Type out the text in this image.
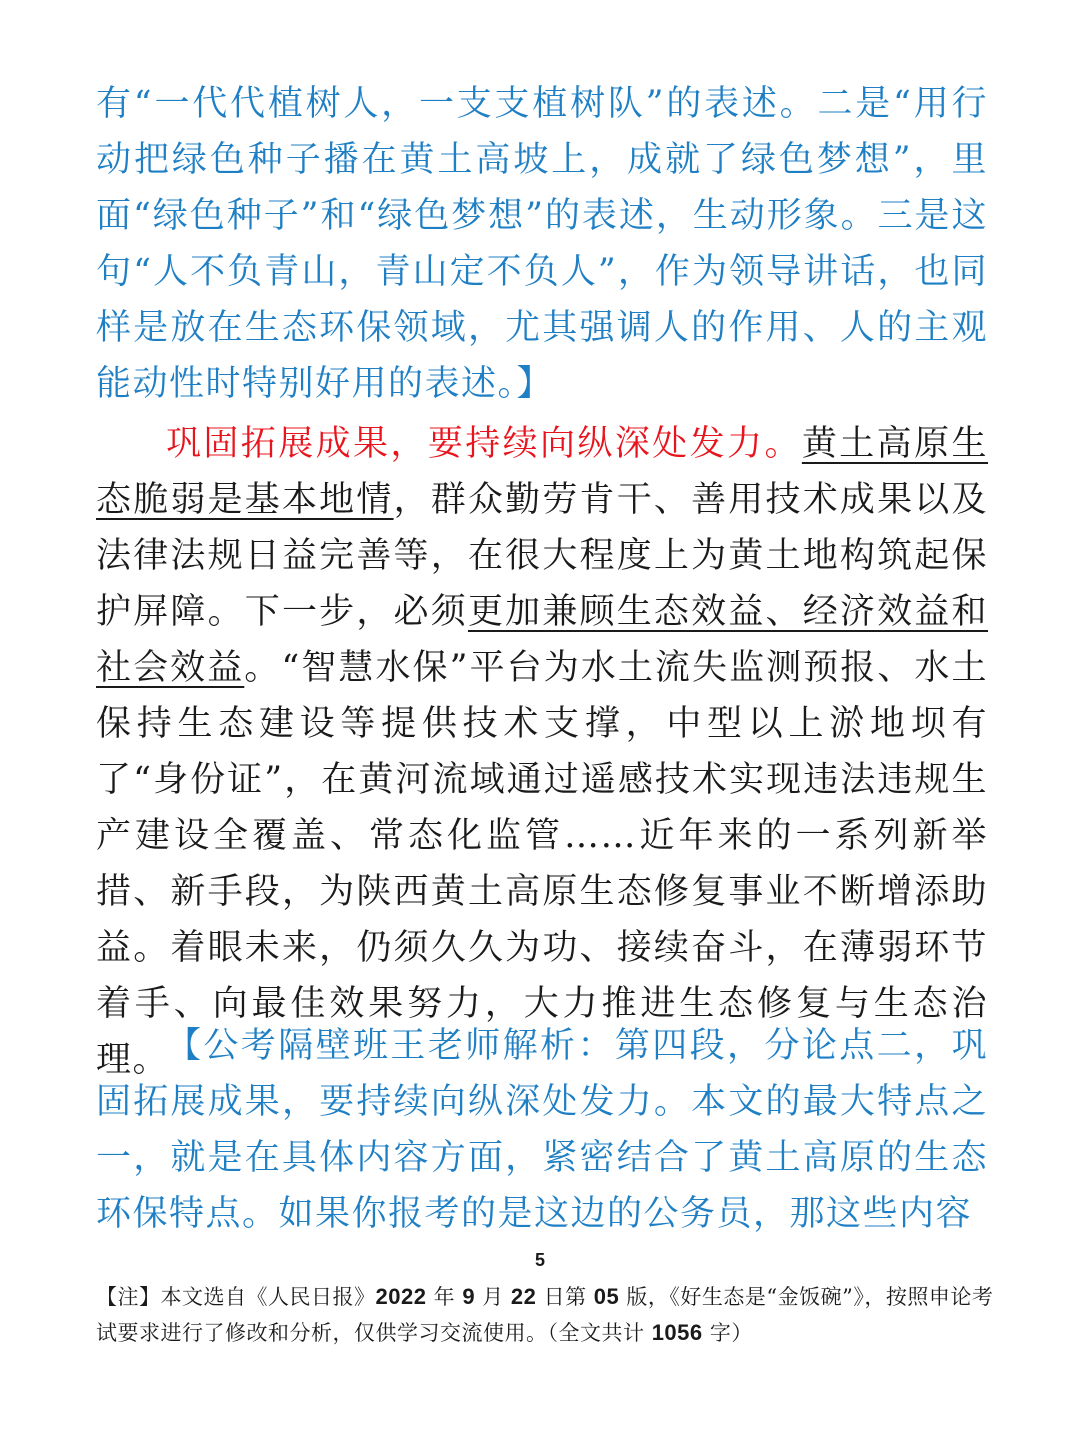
有“一代代植树人，一支支植树队”的表述。二是“用行动把绿色种子播在黄土高坡上，成就了绿色梦想”，里面“绿色种子”和“绿色梦想”的表述，生动形象。三是这句“人不负青山，青山定不负人”，作为领导讲话，也同样是放在生态环保领域，尤其强调人的作用、人的主观能动性时特别好用的表述。】

巩固拓展成果，要持续向纵深处发力。黄土高原生态脆弱是基本地情，群众勤劳肯干、善用技术成果以及法律法规日益完善等，在很大程度上为黄土地构筑起保护屏障。下一步，必须更加兼顾生态效益、经济效益和社会效益。“智慧水保”平台为水土流失监测预报、水土保持生态建设等提供技术支撑，中型以上淤地坝有了“身份证”，在黄河流域通过遥感技术实现违法违规生产建设全覆盖、常态化监管……近年来的一系列新举措、新手段，为陕西黄土高原生态修复事业不断增添助益。着眼未来，仍须久久为功、接续奋斗，在薄弱环节着手、向最佳效果努力，大力推进生态修复与生态治理。

【公考隔壁班王老师解析：第四段，分论点二，巩固拓展成果，要持续向纵深处发力。本文的最大特点之一，就是在具体内容方面，紧密结合了黄土高原的生态环保特点。如果你报考的是这边的公务员，那这些内容

5
【注】本文选自《人民日报》2022 年 9 月 22 日第 05 版，《好生态是“金饭碗”》，按照申论考试要求进行了修改和分析，仅供学习交流使用。（全文共计 1056 字）
